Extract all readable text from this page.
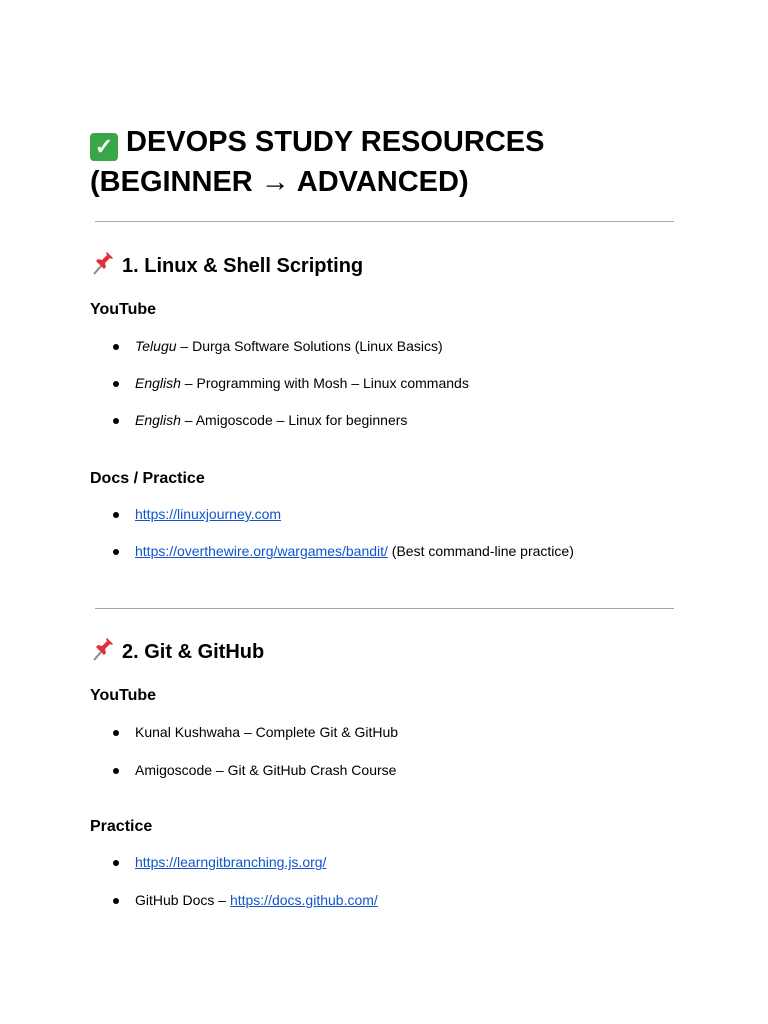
✓ DEVOPS STUDY RESOURCES (BEGINNER → ADVANCED)
1. Linux & Shell Scripting
YouTube
Telugu – Durga Software Solutions (Linux Basics)
English – Programming with Mosh – Linux commands
English – Amigoscode – Linux for beginners
Docs / Practice
https://linuxjourney.com
https://overthewire.org/wargames/bandit/ (Best command-line practice)
2. Git & GitHub
YouTube
Kunal Kushwaha – Complete Git & GitHub
Amigoscode – Git & GitHub Crash Course
Practice
https://learngitbranching.js.org/
GitHub Docs – https://docs.github.com/
